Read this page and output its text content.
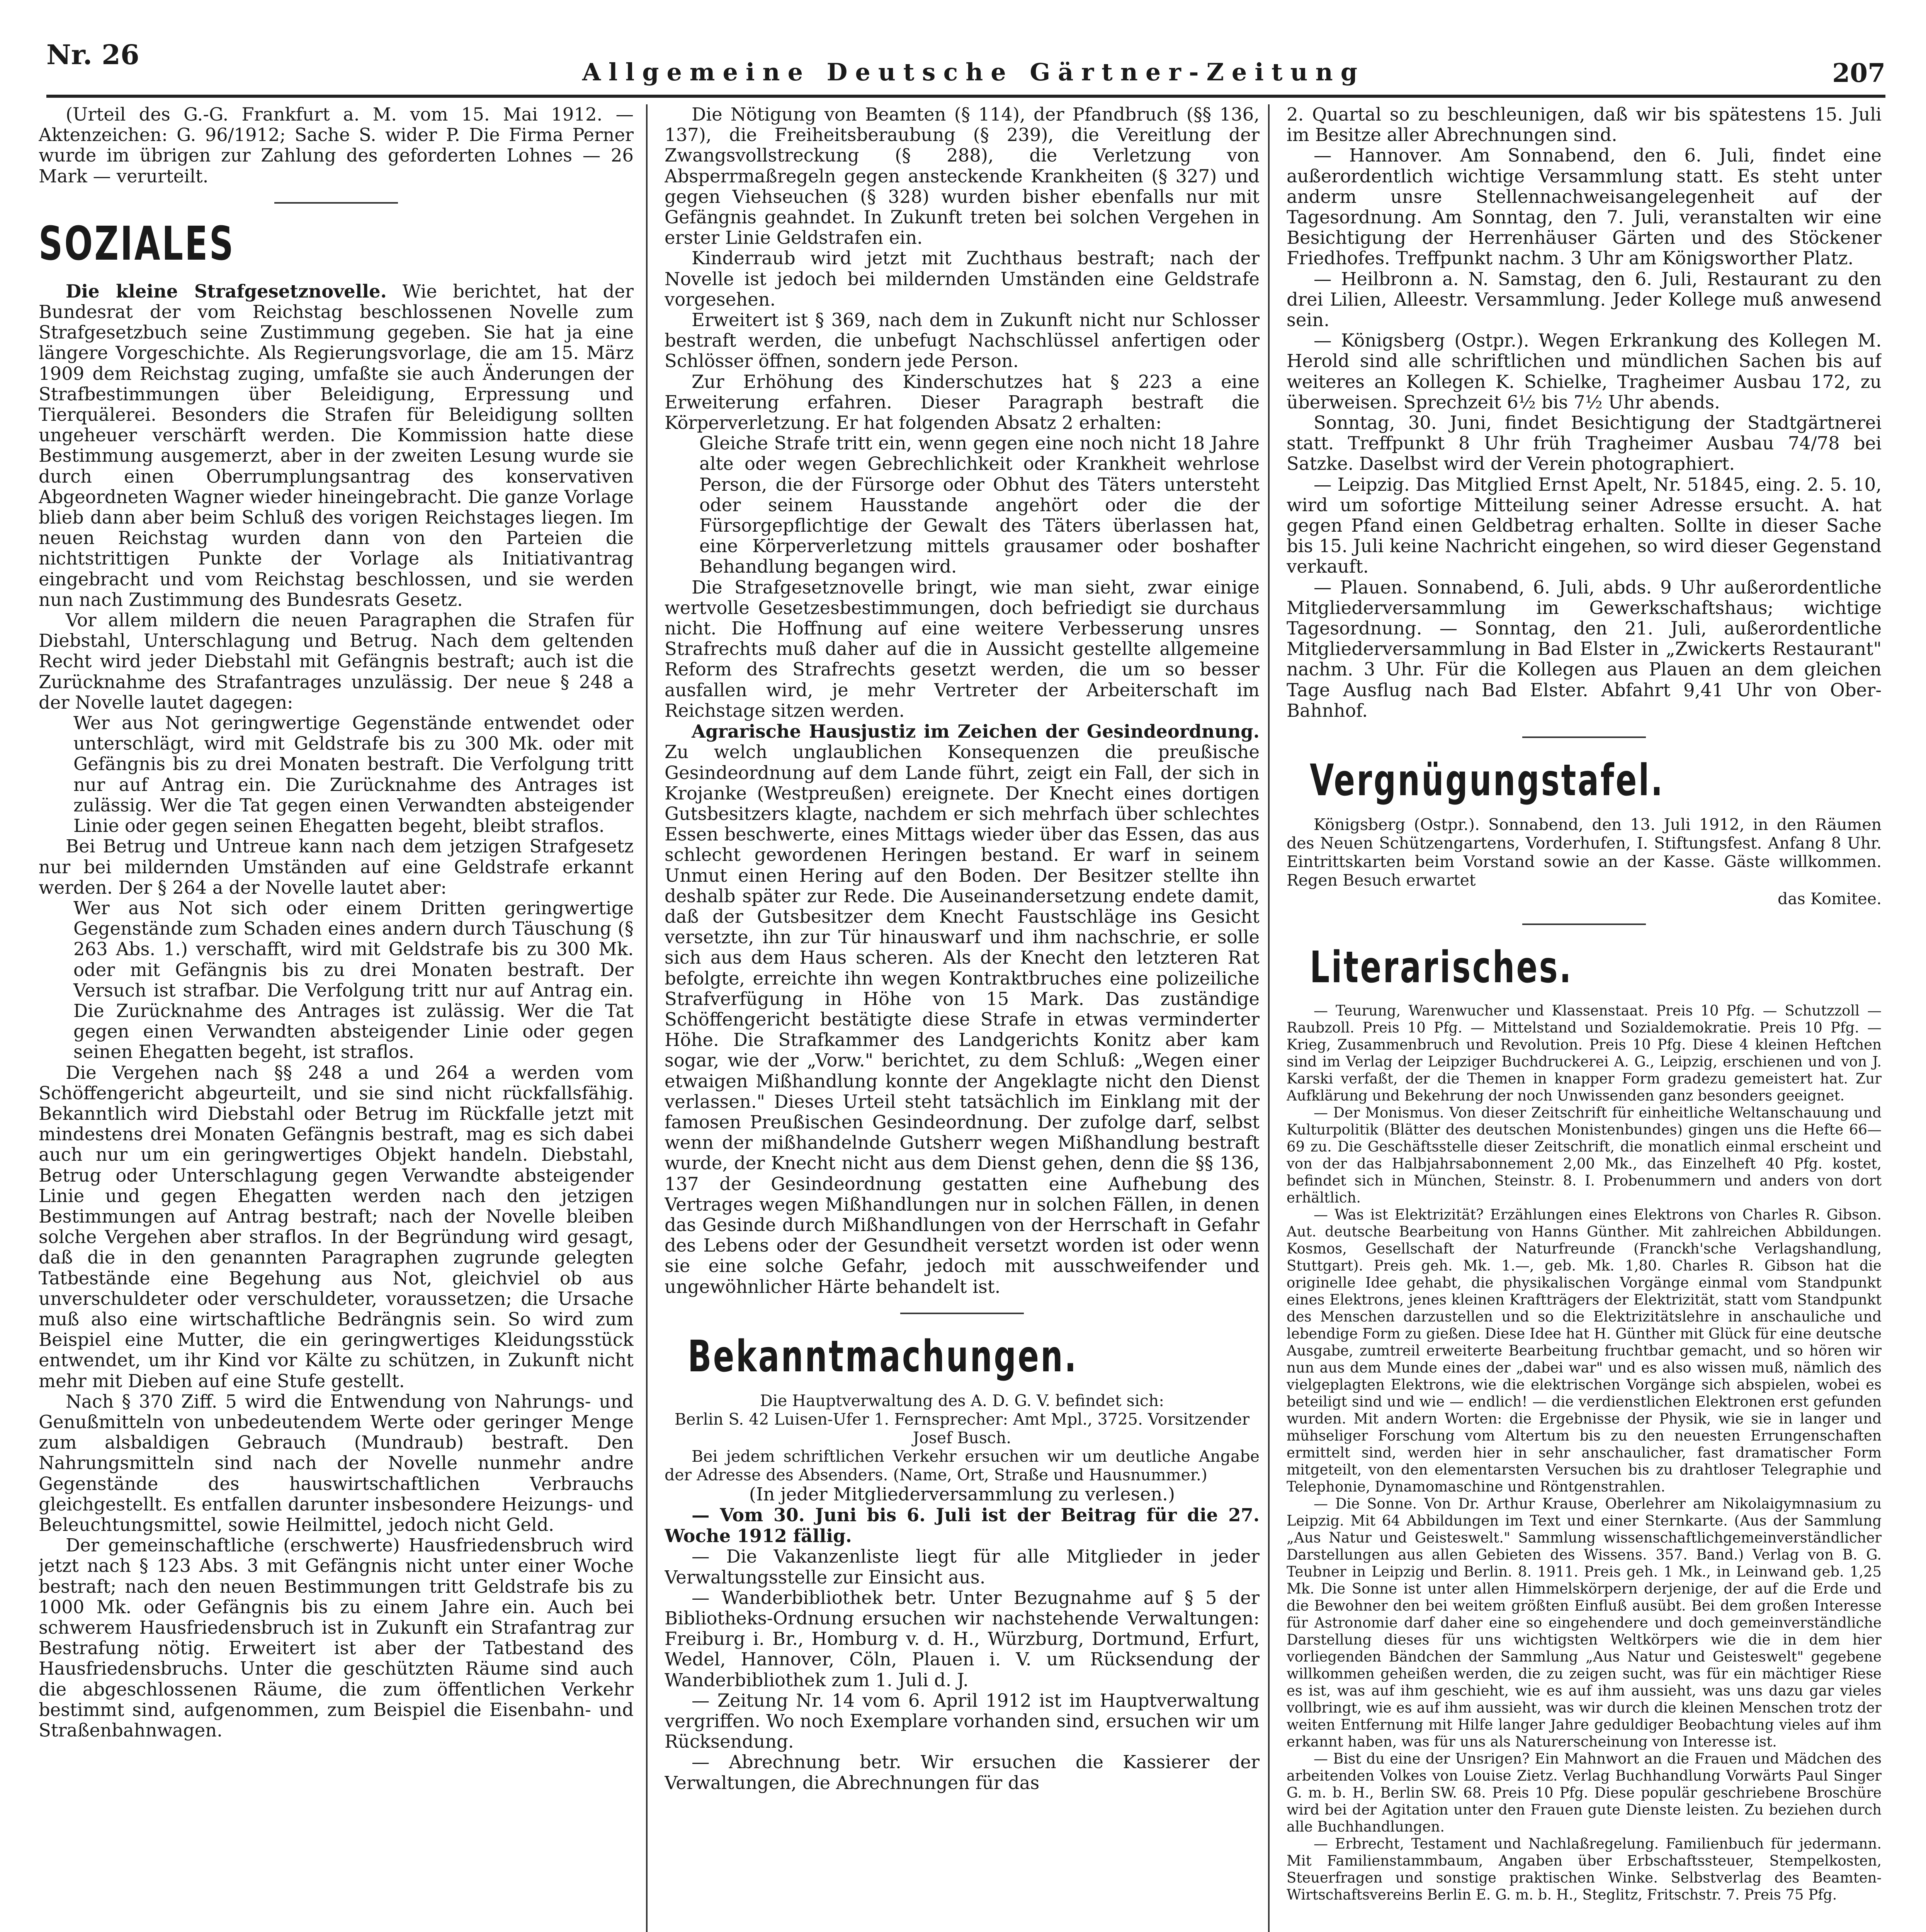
Nr. 26
Allgemeine Deutsche Gärtner-Zeitung	207

(Urteil des G.-G. Frankfurt a. M. vom 15. Mai 1912. — Aktenzeichen: G. 96/1912; Sache S. wider P. Die Firma Perner wurde im übrigen zur Zahlung des geforderten Lohnes — 26 Mark — verurteilt.

SOZIALES

Die kleine Strafgesetznovelle. Wie berichtet, hat der Bundesrat der vom Reichstag beschlossenen Novelle zum Strafgesetzbuch seine Zustimmung gegeben. Sie hat ja eine längere Vorgeschichte. Als Regierungsvorlage, die am 15. März 1909 dem Reichstag zuging, umfaßte sie auch Änderungen der Strafbestimmungen über Beleidigung, Erpressung und Tierquälerei. Besonders die Strafen für Beleidigung sollten ungeheuer verschärft werden. Die Kommission hatte diese Bestimmung ausgemerzt, aber in der zweiten Lesung wurde sie durch einen Oberrumplungsantrag des konservativen Abgeordneten Wagner wieder hineingebracht. Die ganze Vorlage blieb dann aber beim Schluß des vorigen Reichstages liegen. Im neuen Reichstag wurden dann von den Parteien die nichtstrittigen Punkte der Vorlage als Initiativantrag eingebracht und vom Reichstag beschlossen, und sie werden nun nach Zustimmung des Bundesrats Gesetz.

Vor allem mildern die neuen Paragraphen die Strafen für Diebstahl, Unterschlagung und Betrug. Nach dem geltenden Recht wird jeder Diebstahl mit Gefängnis bestraft; auch ist die Zurücknahme des Strafantrages unzulässig. Der neue § 248 a der Novelle lautet dagegen:

Wer aus Not geringwertige Gegenstände entwendet oder unterschlägt, wird mit Geldstrafe bis zu 300 Mk. oder mit Gefängnis bis zu drei Monaten bestraft. Die Verfolgung tritt nur auf Antrag ein. Die Zurücknahme des Antrages ist zulässig. Wer die Tat gegen einen Verwandten absteigender Linie oder gegen seinen Ehegatten begeht, bleibt straflos.

Bei Betrug und Untreue kann nach dem jetzigen Strafgesetz nur bei mildernden Umständen auf eine Geldstrafe erkannt werden. Der § 264 a der Novelle lautet aber:

Wer aus Not sich oder einem Dritten geringwertige Gegenstände zum Schaden eines andern durch Täuschung (§ 263 Abs. 1.) verschafft, wird mit Geldstrafe bis zu 300 Mk. oder mit Gefängnis bis zu drei Monaten bestraft. Der Versuch ist strafbar. Die Verfolgung tritt nur auf Antrag ein. Die Zurücknahme des Antrages ist zulässig. Wer die Tat gegen einen Verwandten absteigender Linie oder gegen seinen Ehegatten begeht, ist straflos.

Die Vergehen nach §§ 248 a und 264 a werden vom Schöffengericht abgeurteilt, und sie sind nicht rückfallsfähig. Bekanntlich wird Diebstahl oder Betrug im Rückfalle jetzt mit mindestens drei Monaten Gefängnis bestraft, mag es sich dabei auch nur um ein geringwertiges Objekt handeln. Diebstahl, Betrug oder Unterschlagung gegen Verwandte absteigender Linie und gegen Ehegatten werden nach den jetzigen Bestimmungen auf Antrag bestraft; nach der Novelle bleiben solche Vergehen aber straflos. In der Begründung wird gesagt, daß die in den genannten Paragraphen zugrunde gelegten Tatbestände eine Begehung aus Not, gleichviel ob aus unverschuldeter oder verschuldeter, voraussetzen; die Ursache muß also eine wirtschaftliche Bedrängnis sein. So wird zum Beispiel eine Mutter, die ein geringwertiges Kleidungsstück entwendet, um ihr Kind vor Kälte zu schützen, in Zukunft nicht mehr mit Dieben auf eine Stufe gestellt.

Nach § 370 Ziff. 5 wird die Entwendung von Nahrungs- und Genußmitteln von unbedeutendem Werte oder geringer Menge zum alsbaldigen Gebrauch (Mundraub) bestraft. Den Nahrungsmitteln sind nach der Novelle nunmehr andre Gegenstände des hauswirtschaftlichen Verbrauchs gleichgestellt. Es entfallen darunter insbesondere Heizungs- und Beleuchtungsmittel, sowie Heilmittel, jedoch nicht Geld.

Der gemeinschaftliche (erschwerte) Hausfriedensbruch wird jetzt nach § 123 Abs. 3 mit Gefängnis nicht unter einer Woche bestraft; nach den neuen Bestimmungen tritt Geldstrafe bis zu 1000 Mk. oder Gefängnis bis zu einem Jahre ein. Auch bei schwerem Hausfriedensbruch ist in Zukunft ein Strafantrag zur Bestrafung nötig. Erweitert ist aber der Tatbestand des Hausfriedensbruchs. Unter die geschützten Räume sind auch die abgeschlossenen Räume, die zum öffentlichen Verkehr bestimmt sind, aufgenommen, zum Beispiel die Eisenbahn- und Straßenbahnwagen.

Die Nötigung von Beamten (§ 114), der Pfandbruch (§§ 136, 137), die Freiheitsberaubung (§ 239), die Vereitlung der Zwangsvollstreckung (§ 288), die Verletzung von Absperrmaßregeln gegen ansteckende Krankheiten (§ 327) und gegen Viehseuchen (§ 328) wurden bisher ebenfalls nur mit Gefängnis geahndet. In Zukunft treten bei solchen Vergehen in erster Linie Geldstrafen ein.

Kinderraub wird jetzt mit Zuchthaus bestraft; nach der Novelle ist jedoch bei mildernden Umständen eine Geldstrafe vorgesehen.

Erweitert ist § 369, nach dem in Zukunft nicht nur Schlosser bestraft werden, die unbefugt Nachschlüssel anfertigen oder Schlösser öffnen, sondern jede Person.

Zur Erhöhung des Kinderschutzes hat § 223 a eine Erweiterung erfahren. Dieser Paragraph bestraft die Körperverletzung. Er hat folgenden Absatz 2 erhalten:

Gleiche Strafe tritt ein, wenn gegen eine noch nicht 18 Jahre alte oder wegen Gebrechlichkeit oder Krankheit wehrlose Person, die der Fürsorge oder Obhut des Täters untersteht oder seinem Hausstande angehört oder die der Fürsorgepflichtige der Gewalt des Täters überlassen hat, eine Körperverletzung mittels grausamer oder boshafter Behandlung begangen wird.

Die Strafgesetznovelle bringt, wie man sieht, zwar einige wertvolle Gesetzesbestimmungen, doch befriedigt sie durchaus nicht. Die Hoffnung auf eine weitere Verbesserung unsres Strafrechts muß daher auf die in Aussicht gestellte allgemeine Reform des Strafrechts gesetzt werden, die um so besser ausfallen wird, je mehr Vertreter der Arbeiterschaft im Reichstage sitzen werden.

Agrarische Hausjustiz im Zeichen der Gesindeordnung. Zu welch unglaublichen Konsequenzen die preußische Gesindeordnung auf dem Lande führt, zeigt ein Fall, der sich in Krojanke (Westpreußen) ereignete. Der Knecht eines dortigen Gutsbesitzers klagte, nachdem er sich mehrfach über schlechtes Essen beschwerte, eines Mittags wieder über das Essen, das aus schlecht gewordenen Heringen bestand. Er warf in seinem Unmut einen Hering auf den Boden. Der Besitzer stellte ihn deshalb später zur Rede. Die Auseinandersetzung endete damit, daß der Gutsbesitzer dem Knecht Faustschläge ins Gesicht versetzte, ihn zur Tür hinauswarf und ihm nachschrie, er solle sich aus dem Haus scheren. Als der Knecht den letzteren Rat befolgte, erreichte ihn wegen Kontraktbruches eine polizeiliche Strafverfügung in Höhe von 15 Mark. Das zuständige Schöffengericht bestätigte diese Strafe in etwas verminderter Höhe. Die Strafkammer des Landgerichts Konitz aber kam sogar, wie der „Vorw." berichtet, zu dem Schluß: „Wegen einer etwaigen Mißhandlung konnte der Angeklagte nicht den Dienst verlassen." Dieses Urteil steht tatsächlich im Einklang mit der famosen Preußischen Gesindeordnung. Der zufolge darf, selbst wenn der mißhandelnde Gutsherr wegen Mißhandlung bestraft wurde, der Knecht nicht aus dem Dienst gehen, denn die §§ 136, 137 der Gesindeordnung gestatten eine Aufhebung des Vertrages wegen Mißhandlungen nur in solchen Fällen, in denen das Gesinde durch Mißhandlungen von der Herrschaft in Gefahr des Lebens oder der Gesundheit versetzt worden ist oder wenn sie eine solche Gefahr, jedoch mit ausschweifender und ungewöhnlicher Härte behandelt ist.

Bekanntmachungen.

Die Hauptverwaltung des A. D. G. V. befindet sich:

Berlin S. 42 Luisen-Ufer 1. Fernsprecher: Amt Mpl., 3725. Vorsitzender Josef Busch.

Bei jedem schriftlichen Verkehr ersuchen wir um deutliche Angabe der Adresse des Absenders. (Name, Ort, Straße und Hausnummer.)

(In jeder Mitgliederversammlung zu verlesen.)

— Vom 30. Juni bis 6. Juli ist der Beitrag für die 27. Woche 1912 fällig.

— Die Vakanzenliste liegt für alle Mitglieder in jeder Verwaltungsstelle zur Einsicht aus.

— Wanderbibliothek betr. Unter Bezugnahme auf § 5 der Bibliotheks-Ordnung ersuchen wir nachstehende Verwaltungen: Freiburg i. Br., Homburg v. d. H., Würzburg, Dortmund, Erfurt, Wedel, Hannover, Cöln, Plauen i. V. um Rücksendung der Wanderbibliothek zum 1. Juli d. J.

— Zeitung Nr. 14 vom 6. April 1912 ist im Hauptverwaltung vergriffen. Wo noch Exemplare vorhanden sind, ersuchen wir um Rücksendung.

— Abrechnung betr. Wir ersuchen die Kassierer der Verwaltungen, die Abrechnungen für das

2. Quartal so zu beschleunigen, daß wir bis spätestens 15. Juli im Besitze aller Abrechnungen sind.

— Hannover. Am Sonnabend, den 6. Juli, findet eine außerordentlich wichtige Versammlung statt. Es steht unter anderm unsre Stellennachweisangelegenheit auf der Tagesordnung. Am Sonntag, den 7. Juli, veranstalten wir eine Besichtigung der Herrenhäuser Gärten und des Stöckener Friedhofes. Treffpunkt nachm. 3 Uhr am Königsworther Platz.

— Heilbronn a. N. Samstag, den 6. Juli, Restaurant zu den drei Lilien, Alleestr. Versammlung. Jeder Kollege muß anwesend sein.

— Königsberg (Ostpr.). Wegen Erkrankung des Kollegen M. Herold sind alle schriftlichen und mündlichen Sachen bis auf weiteres an Kollegen K. Schielke, Tragheimer Ausbau 172, zu überweisen. Sprechzeit 6½ bis 7½ Uhr abends.

Sonntag, 30. Juni, findet Besichtigung der Stadtgärtnerei statt. Treffpunkt 8 Uhr früh Tragheimer Ausbau 74/78 bei Satzke. Daselbst wird der Verein photographiert.

— Leipzig. Das Mitglied Ernst Apelt, Nr. 51845, eing. 2. 5. 10, wird um sofortige Mitteilung seiner Adresse ersucht. A. hat gegen Pfand einen Geldbetrag erhalten. Sollte in dieser Sache bis 15. Juli keine Nachricht eingehen, so wird dieser Gegenstand verkauft.

— Plauen. Sonnabend, 6. Juli, abds. 9 Uhr außerordentliche Mitgliederversammlung im Gewerkschaftshaus; wichtige Tagesordnung. — Sonntag, den 21. Juli, außerordentliche Mitgliederversammlung in Bad Elster in „Zwickerts Restaurant" nachm. 3 Uhr. Für die Kollegen aus Plauen an dem gleichen Tage Ausflug nach Bad Elster. Abfahrt 9,41 Uhr von Ober-Bahnhof.

Vergnügungstafel.

Königsberg (Ostpr.). Sonnabend, den 13. Juli 1912, in den Räumen des Neuen Schützengartens, Vorderhufen, I. Stiftungsfest. Anfang 8 Uhr. Eintrittskarten beim Vorstand sowie an der Kasse. Gäste willkommen. Regen Besuch erwartet

das Komitee.

Literarisches.

— Teurung, Warenwucher und Klassenstaat. Preis 10 Pfg. — Schutzzoll — Raubzoll. Preis 10 Pfg. — Mittelstand und Sozialdemokratie. Preis 10 Pfg. — Krieg, Zusammenbruch und Revolution. Preis 10 Pfg. Diese 4 kleinen Heftchen sind im Verlag der Leipziger Buchdruckerei A. G., Leipzig, erschienen und von J. Karski verfaßt, der die Themen in knapper Form gradezu gemeistert hat. Zur Aufklärung und Bekehrung der noch Unwissenden ganz besonders geeignet.

— Der Monismus. Von dieser Zeitschrift für einheitliche Weltanschauung und Kulturpolitik (Blätter des deutschen Monistenbundes) gingen uns die Hefte 66—69 zu. Die Geschäftsstelle dieser Zeitschrift, die monatlich einmal erscheint und von der das Halbjahrsabonnement 2,00 Mk., das Einzelheft 40 Pfg. kostet, befindet sich in München, Steinstr. 8. I. Probenummern und anders von dort erhältlich.

— Was ist Elektrizität? Erzählungen eines Elektrons von Charles R. Gibson. Aut. deutsche Bearbeitung von Hanns Günther. Mit zahlreichen Abbildungen. Kosmos, Gesellschaft der Naturfreunde (Franckh'sche Verlagshandlung, Stuttgart). Preis geh. Mk. 1.—, geb. Mk. 1,80. Charles R. Gibson hat die originelle Idee gehabt, die physikalischen Vorgänge einmal vom Standpunkt eines Elektrons, jenes kleinen Kraftträgers der Elektrizität, statt vom Standpunkt des Menschen darzustellen und so die Elektrizitätslehre in anschauliche und lebendige Form zu gießen. Diese Idee hat H. Günther mit Glück für eine deutsche Ausgabe, zumtreil erweiterte Bearbeitung fruchtbar gemacht, und so hören wir nun aus dem Munde eines der „dabei war" und es also wissen muß, nämlich des vielgeplagten Elektrons, wie die elektrischen Vorgänge sich abspielen, wobei es beteiligt sind und wie — endlich! — die verdienstlichen Elektronen erst gefunden wurden. Mit andern Worten: die Ergebnisse der Physik, wie sie in langer und mühseliger Forschung vom Altertum bis zu den neuesten Errungenschaften ermittelt sind, werden hier in sehr anschaulicher, fast dramatischer Form mitgeteilt, von den elementarsten Versuchen bis zu drahtloser Telegraphie und Telephonie, Dynamomaschine und Röntgenstrahlen.

— Die Sonne. Von Dr. Arthur Krause, Oberlehrer am Nikolaigymnasium zu Leipzig. Mit 64 Abbildungen im Text und einer Sternkarte. (Aus der Sammlung „Aus Natur und Geisteswelt." Sammlung wissenschaftlichgemeinverständlicher Darstellungen aus allen Gebieten des Wissens. 357. Band.) Verlag von B. G. Teubner in Leipzig und Berlin. 8. 1911. Preis geh. 1 Mk., in Leinwand geb. 1,25 Mk. Die Sonne ist unter allen Himmelskörpern derjenige, der auf die Erde und die Bewohner den bei weitem größten Einfluß ausübt. Bei dem großen Interesse für Astronomie darf daher eine so eingehendere und doch gemeinverständliche Darstellung dieses für uns wichtigsten Weltkörpers wie die in dem hier vorliegenden Bändchen der Sammlung „Aus Natur und Geisteswelt" gegebene willkommen geheißen werden, die zu zeigen sucht, was für ein mächtiger Riese es ist, was auf ihm geschieht, wie es auf ihm aussieht, was uns dazu gar vieles vollbringt, wie es auf ihm aussieht, was wir durch die kleinen Menschen trotz der weiten Entfernung mit Hilfe langer Jahre geduldiger Beobachtung vieles auf ihm erkannt haben, was für uns als Naturerscheinung von Interesse ist.

— Bist du eine der Unsrigen? Ein Mahnwort an die Frauen und Mädchen des arbeitenden Volkes von Louise Zietz. Verlag Buchhandlung Vorwärts Paul Singer G. m. b. H., Berlin SW. 68. Preis 10 Pfg. Diese populär geschriebene Broschüre wird bei der Agitation unter den Frauen gute Dienste leisten. Zu beziehen durch alle Buchhandlungen.

— Erbrecht, Testament und Nachlaßregelung. Familienbuch für jedermann. Mit Familienstammbaum, Angaben über Erbschaftssteuer, Stempelkosten, Steuerfragen und sonstige praktischen Winke. Selbstverlag des Beamten-Wirtschaftsvereins Berlin E. G. m. b. H., Steglitz, Fritschstr. 7. Preis 75 Pfg.
